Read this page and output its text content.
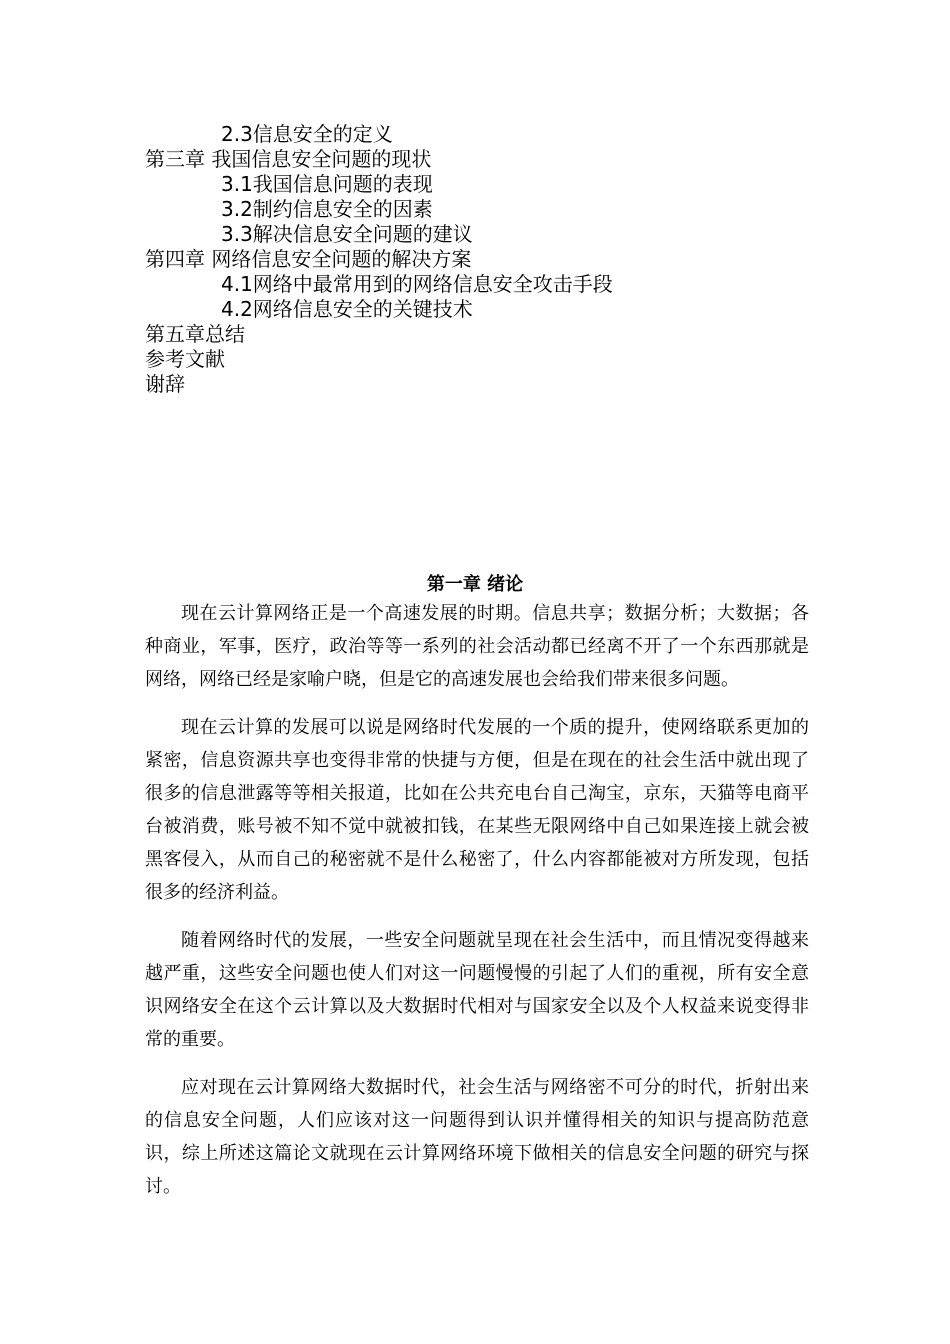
2.3信息安全的定义
第三章 我国信息安全问题的现状
3.1我国信息问题的表现
3.2制约信息安全的因素
3.3解决信息安全问题的建议
第四章 网络信息安全问题的解决方案
4.1网络中最常用到的网络信息安全攻击手段
4.2网络信息安全的关键技术
第五章总结
参考文献
谢辞
第一章 绪论

现在云计算网络正是一个高速发展的时期。信息共享；数据分析；大数据；各种商业，军事，医疗，政治等等一系列的社会活动都已经离不开了一个东西那就是网络，网络已经是家喻户晓，但是它的高速发展也会给我们带来很多问题。

现在云计算的发展可以说是网络时代发展的一个质的提升，使网络联系更加的紧密，信息资源共享也变得非常的快捷与方便，但是在现在的社会生活中就出现了很多的信息泄露等等相关报道，比如在公共充电台自己淘宝，京东，天猫等电商平台被消费，账号被不知不觉中就被扣钱，在某些无限网络中自己如果连接上就会被黑客侵入，从而自己的秘密就不是什么秘密了，什么内容都能被对方所发现，包括很多的经济利益。

随着网络时代的发展，一些安全问题就呈现在社会生活中，而且情况变得越来越严重，这些安全问题也使人们对这一问题慢慢的引起了人们的重视，所有安全意识网络安全在这个云计算以及大数据时代相对与国家安全以及个人权益来说变得非常的重要。

应对现在云计算网络大数据时代，社会生活与网络密不可分的时代，折射出来的信息安全问题，人们应该对这一问题得到认识并懂得相关的知识与提高防范意识，综上所述这篇论文就现在云计算网络环境下做相关的信息安全问题的研究与探讨。
